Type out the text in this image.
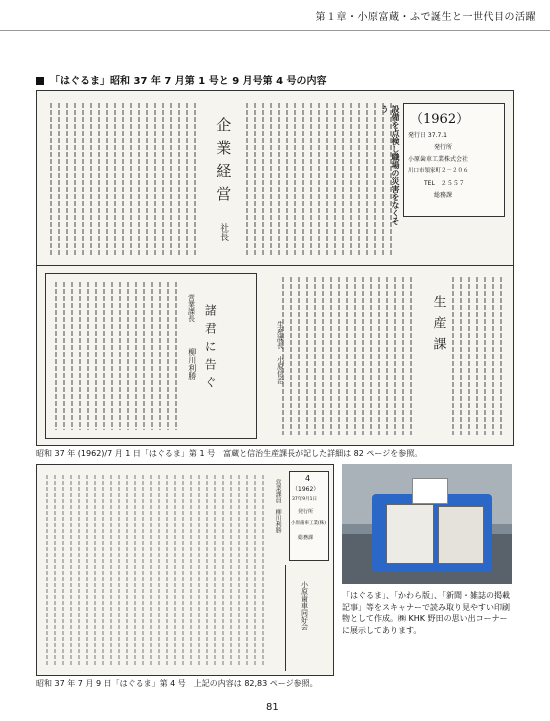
第１章・小原富蔵・ふで誕生と一世代目の活躍
「はぐるま」昭和 37 年 7 月第 1 号と 9 月号第 4 号の内容
（1962）
発行日 37.7.1
発行所
小原歯車工業株式会社
川口市領家町２－２０６
TEL　２５５７
総務課
設備を点検し職場の災害をなくそう
企業経営
社長
生産課
生産課長　小原信治
諸君に告ぐ
営業課長
柳川利勝
昭和 37 年 (1962)/7 月 1 日「はぐるま」第 1 号　富蔵と信治生産課長が記した詳細は 82 ページを参照。
4
（1962）
37年9月1日
発行所
小原歯車工業(株)
総務課
営業課員　柳川利勝
小原歯車同好会	「はぐるま」、「かわら版」、「新聞・雑誌の掲載記事」等をスキャナーで読み取り見やすい印刷物として作成。㈱ KHK 野田の思い出コーナーに展示してあります。
昭和 37 年 7 月 9 日「はぐるま」第 4 号　上記の内容は 82,83 ページ参照。
81
